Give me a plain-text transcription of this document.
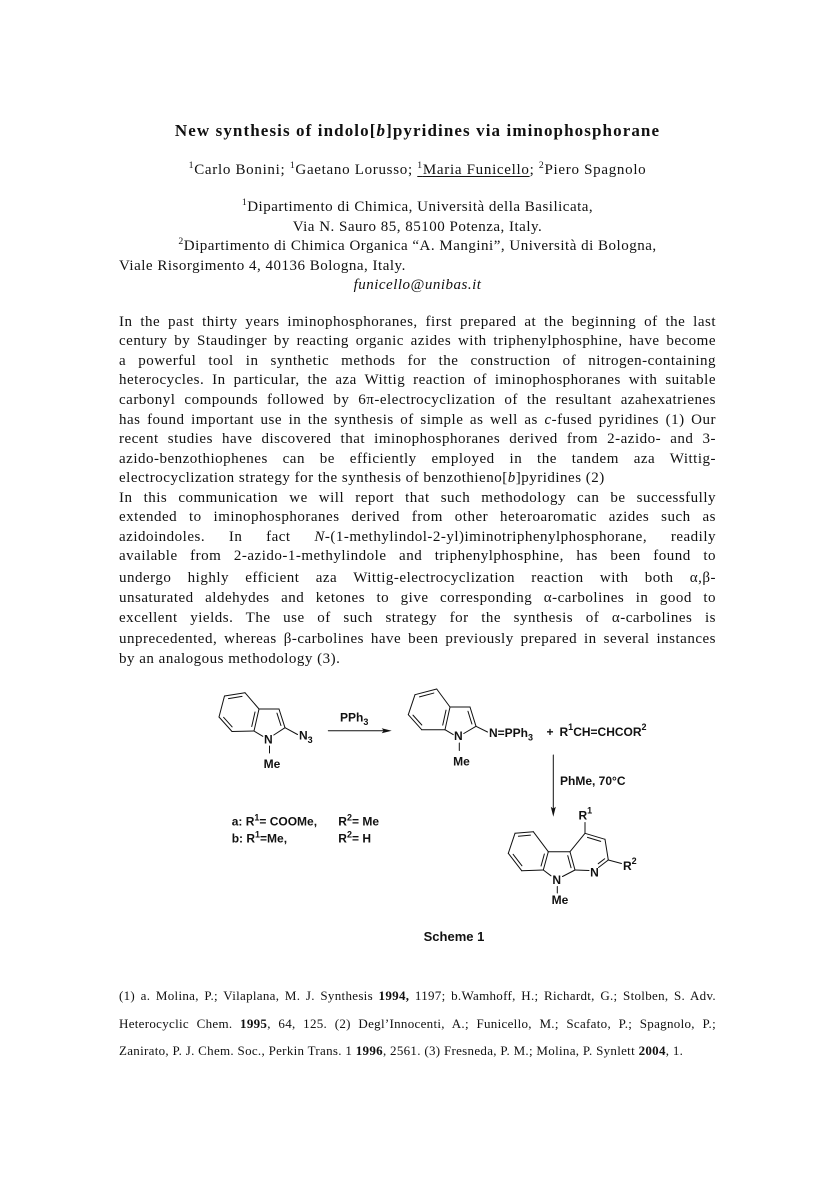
New synthesis of indolo[b]pyridines via iminophosphorane
$^1$Carlo Bonini; $^1$Gaetano Lorusso; $^1$Maria Funicello; $^2$Piero Spagnolo
$^1$Dipartimento di Chimica, Università della Basilicata,
Via N. Sauro 85, 85100 Potenza, Italy.
$^2$Dipartimento di Chimica Organica “A. Mangini”, Università di Bologna,
Viale Risorgimento 4, 40136 Bologna, Italy.
funicello@unibas.it
In the past thirty years iminophosphoranes, first prepared at the beginning of the last
century by Staudinger by reacting organic azides with triphenylphosphine, have become
a powerful tool in synthetic methods for the construction of nitrogen-containing
heterocycles. In particular, the aza Wittig reaction of iminophosphoranes with suitable
carbonyl compounds followed by 6π-electrocyclization of the resultant azahexatrienes
has found important use in the synthesis of simple as well as c-fused pyridines (1) Our
recent studies have discovered that iminophosphoranes derived from 2-azido- and 3-
azido-benzothiophenes can be efficiently employed in the tandem aza Wittig-
electrocyclization strategy for the synthesis of benzothieno[b]pyridines (2)
In this communication we will report that such methodology can be successfully
extended to iminophosphoranes derived from other heteroaromatic azides such as
azidoindoles. In fact N-(1-methylindol-2-yl)iminotriphenylphosphorane, readily
available from 2-azido-1-methylindole and triphenylphosphine, has been found to
undergo highly efficient aza Wittig-electrocyclization reaction with both α,β-
unsaturated aldehydes and ketones to give corresponding α-carbolines in good to
excellent yields. The use of such strategy for the synthesis of α-carbolines is
unprecedented, whereas β-carbolines have been previously prepared in several instances
by an analogous methodology (3).
N
Me
$N_3$
PPh$_3$
N
Me
$N=PPh_3 + R^1CH=CHCOR^2$
PhMe, 70°C
$R^1$
$R^2$
N
N
Me
a: $R^1=$ COOMe, $R^2= Me$
b: $R^1=Me$,	$R^2= H$
Scheme 1
(1) a. Molina, P.; Vilaplana, M. J. Synthesis 1994, 1197; b.Wamhoff, H.; Richardt, G.; Stolben, S. Adv.
Heterocyclic Chem. 1995, 64, 125. (2) Degl’Innocenti, A.; Funicello, M.; Scafato, P.; Spagnolo, P.;
Zanirato, P. J. Chem. Soc., Perkin Trans. 1 1996, 2561. (3) Fresneda, P. M.; Molina, P. Synlett 2004, 1.
